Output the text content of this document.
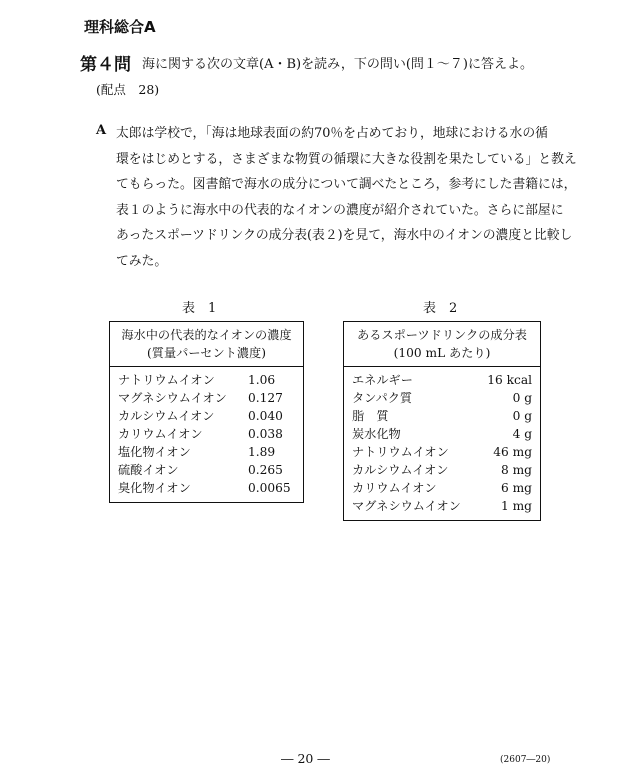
理科総合A
第４問 海に関する次の文章(A・B)を読み，下の問い(問１～７)に答えよ。
(配点　28)
A 太郎は学校で，「海は地球表面の約70％を占めており，地球における水の循
環をはじめとする，さまざまな物質の循環に大きな役割を果たしている」と教え
てもらった。図書館で海水の成分について調べたところ，参考にした書籍には，
表１のように海水中の代表的なイオンの濃度が紹介されていた。さらに部屋に
あったスポーツドリンクの成分表(表２)を見て，海水中のイオンの濃度と比較し
てみた。
表　1	表　2
海水中の代表的なイオンの濃度
(質量パーセント濃度)	

ナトリウムイオン	1.06
マグネシウムイオン	0.127
カルシウムイオン	0.040
カリウムイオン	0.038
塩化物イオン	1.89
硫酸イオン	0.265
臭化物イオン	0.0065
あるスポーツドリンクの成分表
(100 mL あたり)	

エネルギー	16 kcal
タンパク質	0 g
脂　質	0 g
炭水化物	4 g
ナトリウムイオン	46 mg
カルシウムイオン	8 mg
カリウムイオン	6 mg
マグネシウムイオン	1 mg
― 20 ―	(2607―20)
